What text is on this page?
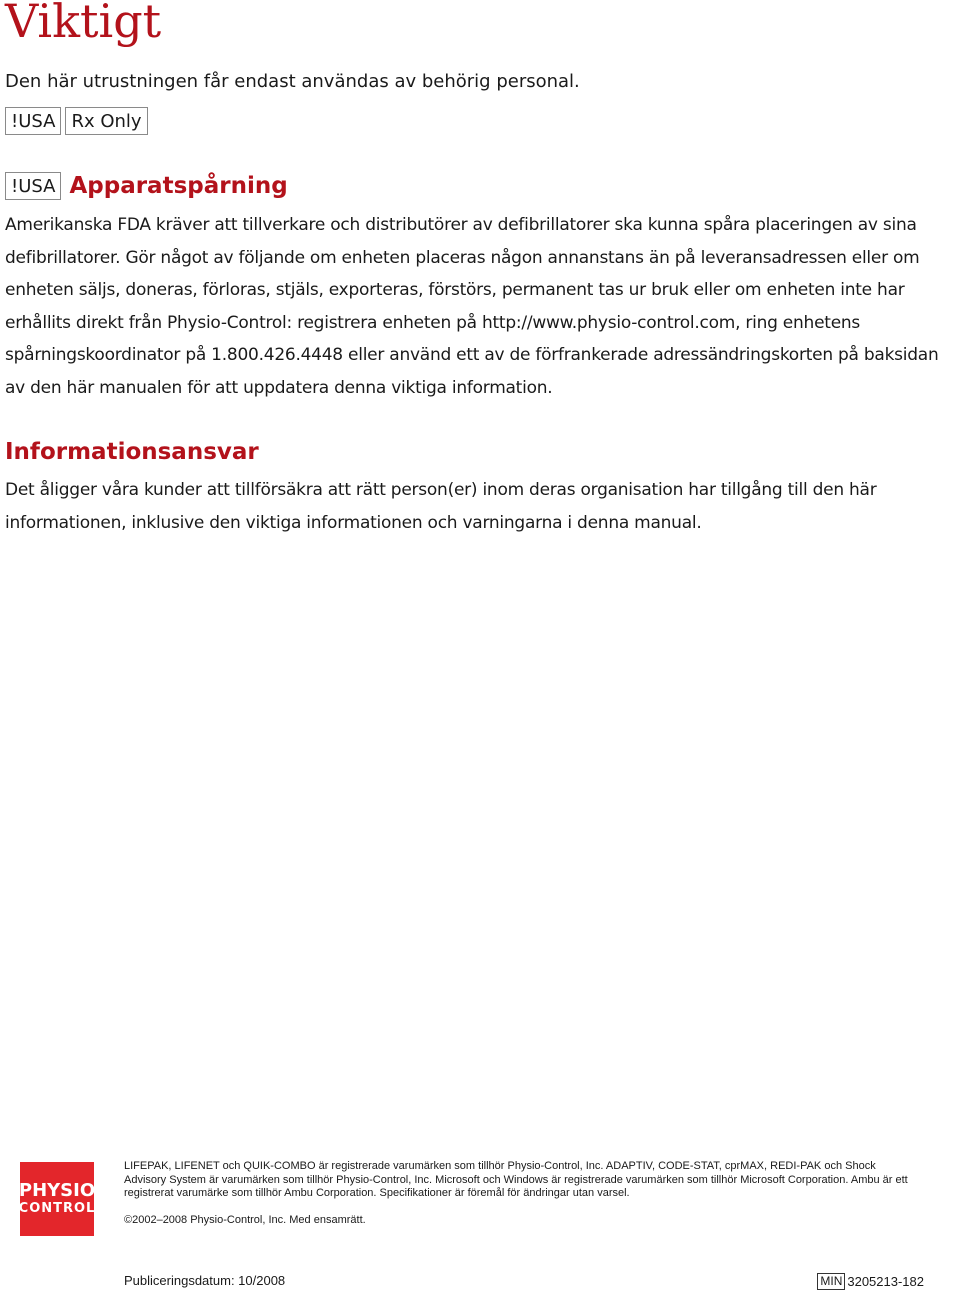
Viktigt

Den här utrustningen får endast användas av behörig personal.

!USA Rx Only
!USA Apparatspårning

Amerikanska FDA kräver att tillverkare och distributörer av defibrillatorer ska kunna spåra placeringen av sina defibrillatorer. Gör något av följande om enheten placeras någon annanstans än på leveransadressen eller om enheten säljs, doneras, förloras, stjäls, exporteras, förstörs, permanent tas ur bruk eller om enheten inte har erhållits direkt från Physio-Control: registrera enheten på http://www.physio-control.com, ring enhetens spårningskoordinator på 1.800.426.4448 eller använd ett av de förfrankerade adressändringskorten på baksidan av den här manualen för att uppdatera denna viktiga information.

Informationsansvar

Det åligger våra kunder att tillförsäkra att rätt person(er) inom deras organisation har tillgång till den här informationen, inklusive den viktiga informationen och varningarna i denna manual.

PHYSIO
CONTROL

LIFEPAK, LIFENET och QUIK-COMBO är registrerade varumärken som tillhör Physio-Control, Inc. ADAPTIV, CODE-STAT, cprMAX, REDI-PAK och Shock Advisory System är varumärken som tillhör Physio-Control, Inc. Microsoft och Windows är registrerade varumärken som tillhör Microsoft Corporation. Ambu är ett registrerat varumärke som tillhör Ambu Corporation. Specifikationer är föremål för ändringar utan varsel.

©2002–2008 Physio-Control, Inc. Med ensamrätt.

Publiceringsdatum: 10/2008	MIN 3205213-182
